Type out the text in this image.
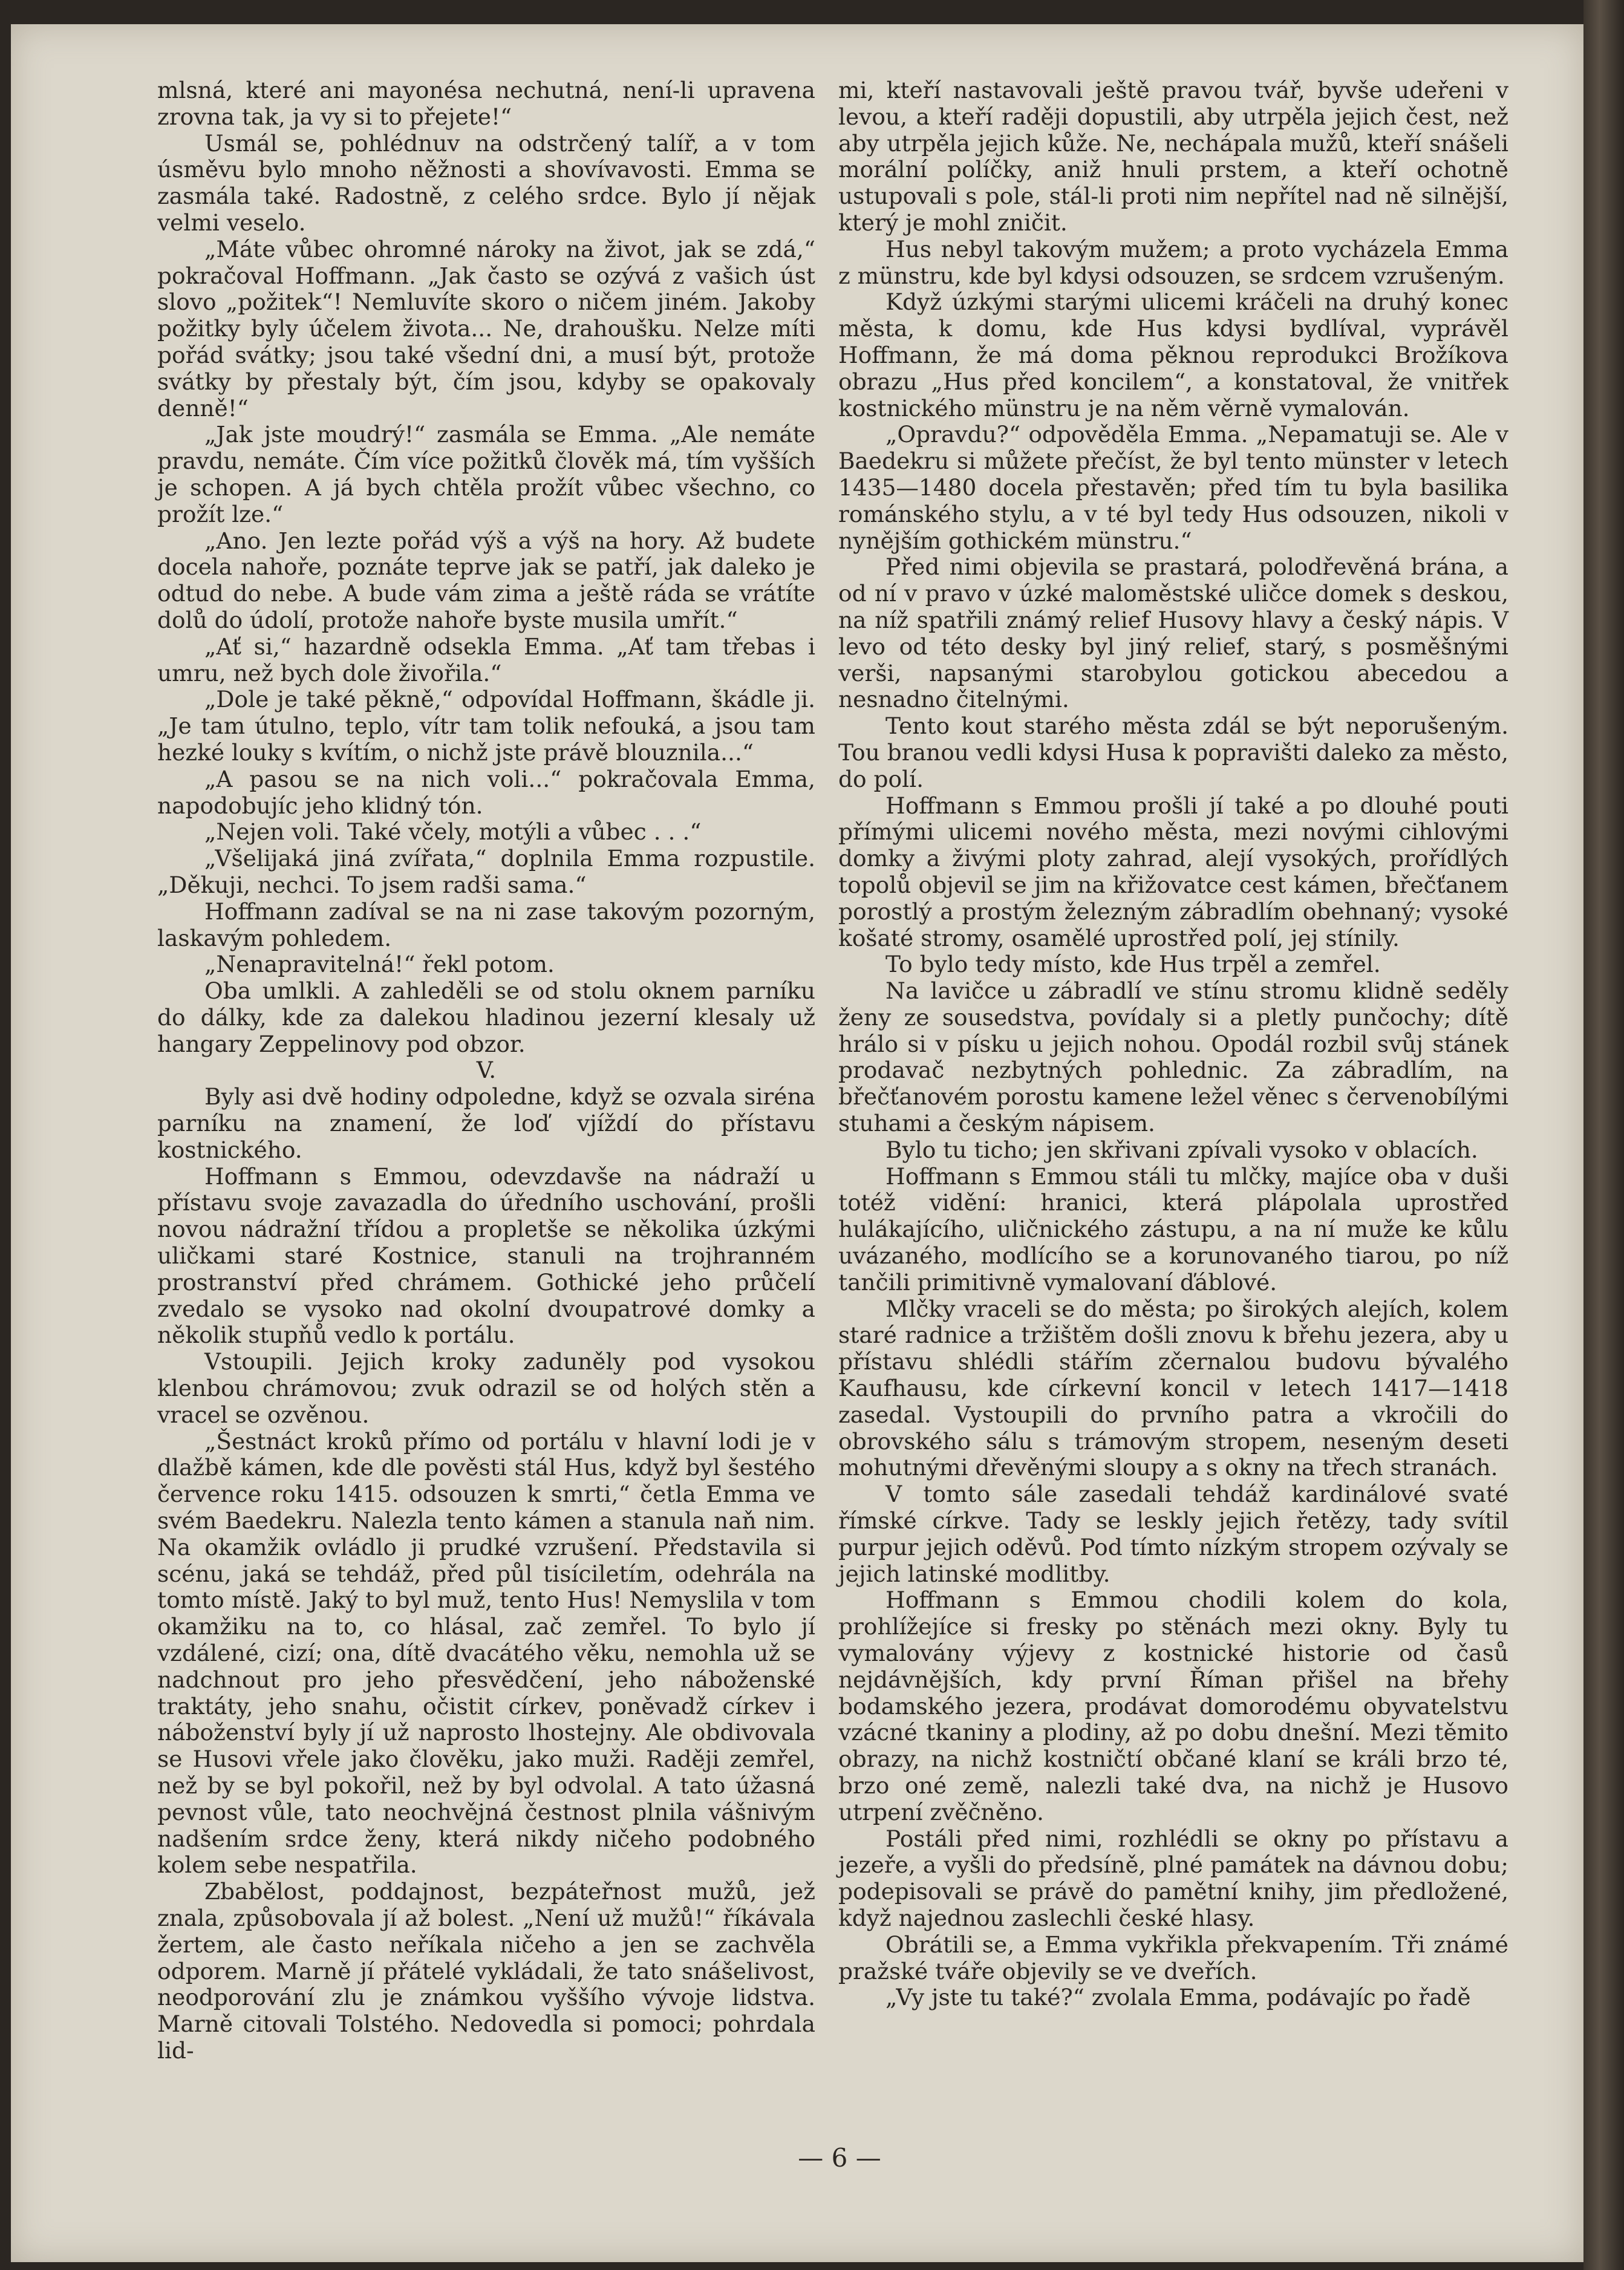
mlsná, které ani mayonésa nechutná, není-li upravena zrovna tak, ja vy si to přejete!“

Usmál se, pohlédnuv na odstrčený talíř, a v tom úsměvu bylo mnoho něžnosti a shovívavosti. Emma se zasmála také. Radostně, z celého srdce. Bylo jí nějak velmi veselo.

„Máte vůbec ohromné nároky na život, jak se zdá,“ pokračoval Hoffmann. „Jak často se ozývá z vašich úst slovo „požitek“! Nemluvíte skoro o ničem jiném. Jakoby požitky byly účelem života... Ne, drahoušku. Nelze míti pořád svátky; jsou také všední dni, a musí být, protože svátky by přestaly být, čím jsou, kdyby se opakovaly denně!“

„Jak jste moudrý!“ zasmála se Emma. „Ale nemáte pravdu, nemáte. Čím více požitků člověk má, tím vyšších je schopen. A já bych chtěla prožít vůbec všechno, co prožít lze.“

„Ano. Jen lezte pořád výš a výš na hory. Až budete docela nahoře, poznáte teprve jak se patří, jak daleko je odtud do nebe. A bude vám zima a ještě ráda se vrátíte dolů do údolí, protože nahoře byste musila umřít.“

„Ať si,“ hazardně odsekla Emma. „Ať tam třebas i umru, než bych dole živořila.“

„Dole je také pěkně,“ odpovídal Hoffmann, škádle ji. „Je tam útulno, teplo, vítr tam tolik nefouká, a jsou tam hezké louky s kvítím, o nichž jste právě blouznila...“

„A pasou se na nich voli...“ pokračovala Emma, napodobujíc jeho klidný tón.

„Nejen voli. Také včely, motýli a vůbec . . .“

„Všelijaká jiná zvířata,“ doplnila Emma rozpustile. „Děkuji, nechci. To jsem radši sama.“

Hoffmann zadíval se na ni zase takovým pozorným, laskavým pohledem.

„Nenapravitelná!“ řekl potom.

Oba umlkli. A zahleděli se od stolu oknem parníku do dálky, kde za dalekou hladinou jezerní klesaly už hangary Zeppelinovy pod obzor.

V.

Byly asi dvě hodiny odpoledne, když se ozvala siréna parníku na znamení, že loď vjíždí do přístavu kostnického.

Hoffmann s Emmou, odevzdavše na nádraží u přístavu svoje zavazadla do úředního uschování, prošli novou nádražní třídou a propletše se několika úzkými uličkami staré Kostnice, stanuli na trojhranném prostranství před chrámem. Gothické jeho průčelí zvedalo se vysoko nad okolní dvoupatrové domky a několik stupňů vedlo k portálu.

Vstoupili. Jejich kroky zaduněly pod vysokou klenbou chrámovou; zvuk odrazil se od holých stěn a vracel se ozvěnou.

„Šestnáct kroků přímo od portálu v hlavní lodi je v dlažbě kámen, kde dle pověsti stál Hus, když byl šestého července roku 1415. odsouzen k smrti,“ četla Emma ve svém Baedekru. Nalezla tento kámen a stanula naň nim. Na okamžik ovládlo ji prudké vzrušení. Představila si scénu, jaká se tehdáž, před půl tisíciletím, odehrála na tomto místě. Jaký to byl muž, tento Hus! Nemyslila v tom okamžiku na to, co hlásal, zač zemřel. To bylo jí vzdálené, cizí; ona, dítě dvacátého věku, nemohla už se nadchnout pro jeho přesvědčení, jeho náboženské traktáty, jeho snahu, očistit církev, poněvadž církev i náboženství byly jí už naprosto lhostejny. Ale obdivovala se Husovi vřele jako člověku, jako muži. Raději zemřel, než by se byl pokořil, než by byl odvolal. A tato úžasná pevnost vůle, tato neochvějná čestnost plnila vášnivým nadšením srdce ženy, která nikdy ničeho podobného kolem sebe nespatřila.

Zbabělost, poddajnost, bezpáteřnost mužů, jež znala, způsobovala jí až bolest. „Není už mužů!“ říkávala žertem, ale často neříkala ničeho a jen se zachvěla odporem. Marně jí přátelé vykládali, že tato snášelivost, neodporování zlu je známkou vyššího vývoje lidstva. Marně citovali Tolstého. Nedovedla si pomoci; pohrdala lid-

mi, kteří nastavovali ještě pravou tvář, byvše udeřeni v levou, a kteří raději dopustili, aby utrpěla jejich čest, než aby utrpěla jejich kůže. Ne, nechápala mužů, kteří snášeli morální políčky, aniž hnuli prstem, a kteří ochotně ustupovali s pole, stál-li proti nim nepřítel nad ně silnější, který je mohl zničit.

Hus nebyl takovým mužem; a proto vycházela Emma z münstru, kde byl kdysi odsouzen, se srdcem vzrušeným.

Když úzkými starými ulicemi kráčeli na druhý konec města, k domu, kde Hus kdysi bydlíval, vyprávěl Hoffmann, že má doma pěknou reprodukci Brožíkova obrazu „Hus před koncilem“, a konstatoval, že vnitřek kostnického münstru je na něm věrně vymalován.

„Opravdu?“ odpověděla Emma. „Nepamatuji se. Ale v Baedekru si můžete přečíst, že byl tento münster v letech 1435—1480 docela přestavěn; před tím tu byla basilika románského stylu, a v té byl tedy Hus odsouzen, nikoli v nynějším gothickém münstru.“

Před nimi objevila se prastará, polodřevěná brána, a od ní v pravo v úzké maloměstské uličce domek s deskou, na níž spatřili známý relief Husovy hlavy a český nápis. V levo od této desky byl jiný relief, starý, s posměšnými verši, napsanými starobylou gotickou abecedou a nesnadno čitelnými.

Tento kout starého města zdál se být neporušeným. Tou branou vedli kdysi Husa k popravišti daleko za město, do polí.

Hoffmann s Emmou prošli jí také a po dlouhé pouti přímými ulicemi nového města, mezi novými cihlovými domky a živými ploty zahrad, alejí vysokých, prořídlých topolů objevil se jim na křižovatce cest kámen, břečťanem porostlý a prostým železným zábradlím obehnaný; vysoké košaté stromy, osamělé uprostřed polí, jej stínily.

To bylo tedy místo, kde Hus trpěl a zemřel.

Na lavičce u zábradlí ve stínu stromu klidně seděly ženy ze sousedstva, povídaly si a pletly punčochy; dítě hrálo si v písku u jejich nohou. Opodál rozbil svůj stánek prodavač nezbytných pohlednic. Za zábradlím, na břečťanovém porostu kamene ležel věnec s červenobílými stuhami a českým nápisem.

Bylo tu ticho; jen skřivani zpívali vysoko v oblacích.

Hoffmann s Emmou stáli tu mlčky, majíce oba v duši totéž vidění: hranici, která plápolala uprostřed hulákajícího, uličnického zástupu, a na ní muže ke kůlu uvázaného, modlícího se a korunovaného tiarou, po níž tančili primitivně vymalovaní ďáblové.

Mlčky vraceli se do města; po širokých alejích, kolem staré radnice a tržištěm došli znovu k břehu jezera, aby u přístavu shlédli stářím zčernalou budovu bývalého Kaufhausu, kde církevní koncil v letech 1417—1418 zasedal. Vystoupili do prvního patra a vkročili do obrovského sálu s trámovým stropem, neseným deseti mohutnými dřevěnými sloupy a s okny na třech stranách.

V tomto sále zasedali tehdáž kardinálové svaté římské církve. Tady se leskly jejich řetězy, tady svítil purpur jejich oděvů. Pod tímto nízkým stropem ozývaly se jejich latinské modlitby.

Hoffmann s Emmou chodili kolem do kola, prohlížejíce si fresky po stěnách mezi okny. Byly tu vymalovány výjevy z kostnické historie od časů nejdávnějších, kdy první Říman přišel na břehy bodamského jezera, prodávat domorodému obyvatelstvu vzácné tkaniny a plodiny, až po dobu dnešní. Mezi těmito obrazy, na nichž kostničtí občané klaní se králi brzo té, brzo oné země, nalezli také dva, na nichž je Husovo utrpení zvěčněno.

Postáli před nimi, rozhlédli se okny po přístavu a jezeře, a vyšli do předsíně, plné památek na dávnou dobu; podepisovali se právě do pamětní knihy, jim předložené, když najednou zaslechli české hlasy.

Obrátili se, a Emma vykřikla překvapením. Tři známé pražské tváře objevily se ve dveřích.

„Vy jste tu také?“ zvolala Emma, podávajíc po řadě

— 6 —
